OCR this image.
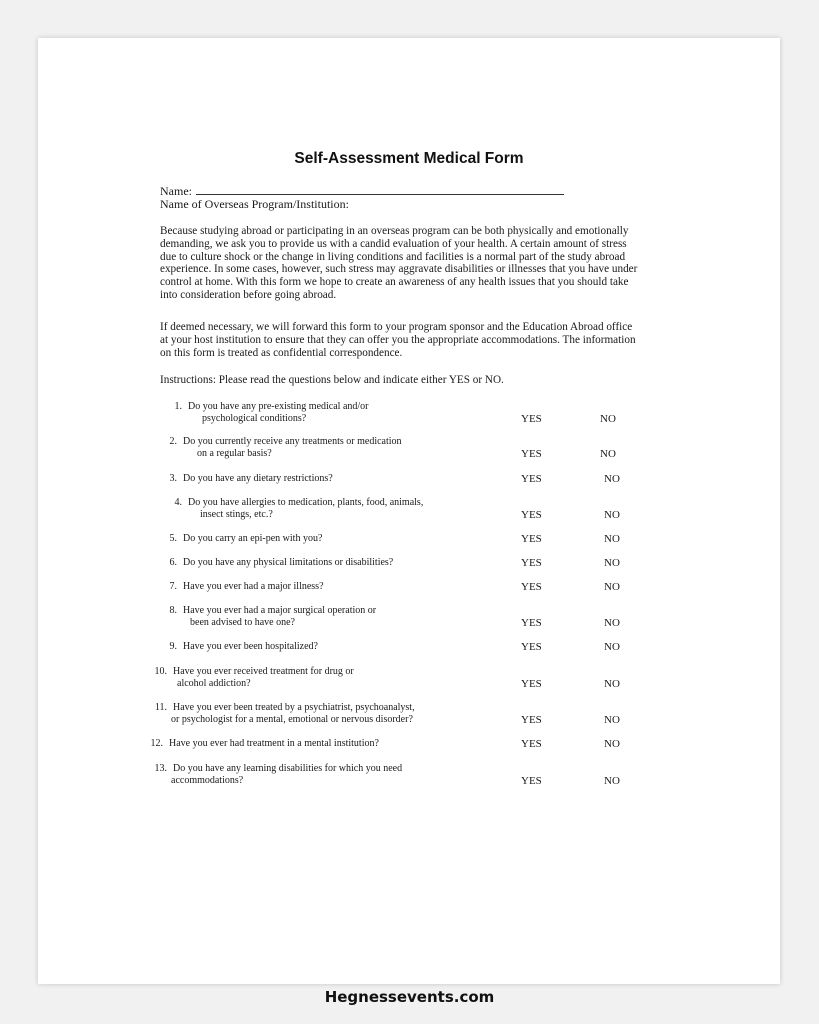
Self-Assessment Medical Form
Name:
Name of Overseas Program/Institution:

Because studying abroad or participating in an overseas program can be both physically and emotionally demanding, we ask you to provide us with a candid evaluation of your health. A certain amount of stress due to culture shock or the change in living conditions and facilities is a normal part of the study abroad experience. In some cases, however, such stress may aggravate disabilities or illnesses that you have under control at home. With this form we hope to create an awareness of any health issues that you should take into consideration before going abroad.

If deemed necessary, we will forward this form to your program sponsor and the Education Abroad office at your host institution to ensure that they can offer you the appropriate accommodations. The information on this form is treated as confidential correspondence.

Instructions: Please read the questions below and indicate either YES or NO.
1. Do you have any pre-existing medical and/or
psychological conditions?	YES	NO
2. Do you currently receive any treatments or medication
on a regular basis?	YES	NO
3. Do you have any dietary restrictions?	YES	NO
4. Do you have allergies to medication, plants, food, animals,
insect stings, etc.?	YES	NO
5. Do you carry an epi-pen with you?	YES	NO
6. Do you have any physical limitations or disabilities?	YES	NO
7. Have you ever had a major illness?	YES	NO
8. Have you ever had a major surgical operation or
been advised to have one?	YES	NO
9. Have you ever been hospitalized?	YES	NO
10. Have you ever received treatment for drug or
alcohol addiction?	YES	NO
11. Have you ever been treated by a psychiatrist, psychoanalyst,
or psychologist for a mental, emotional or nervous disorder?	YES	NO
12. Have you ever had treatment in a mental institution?	YES	NO
13. Do you have any learning disabilities for which you need
accommodations?	YES	NO
Hegnessevents.com
